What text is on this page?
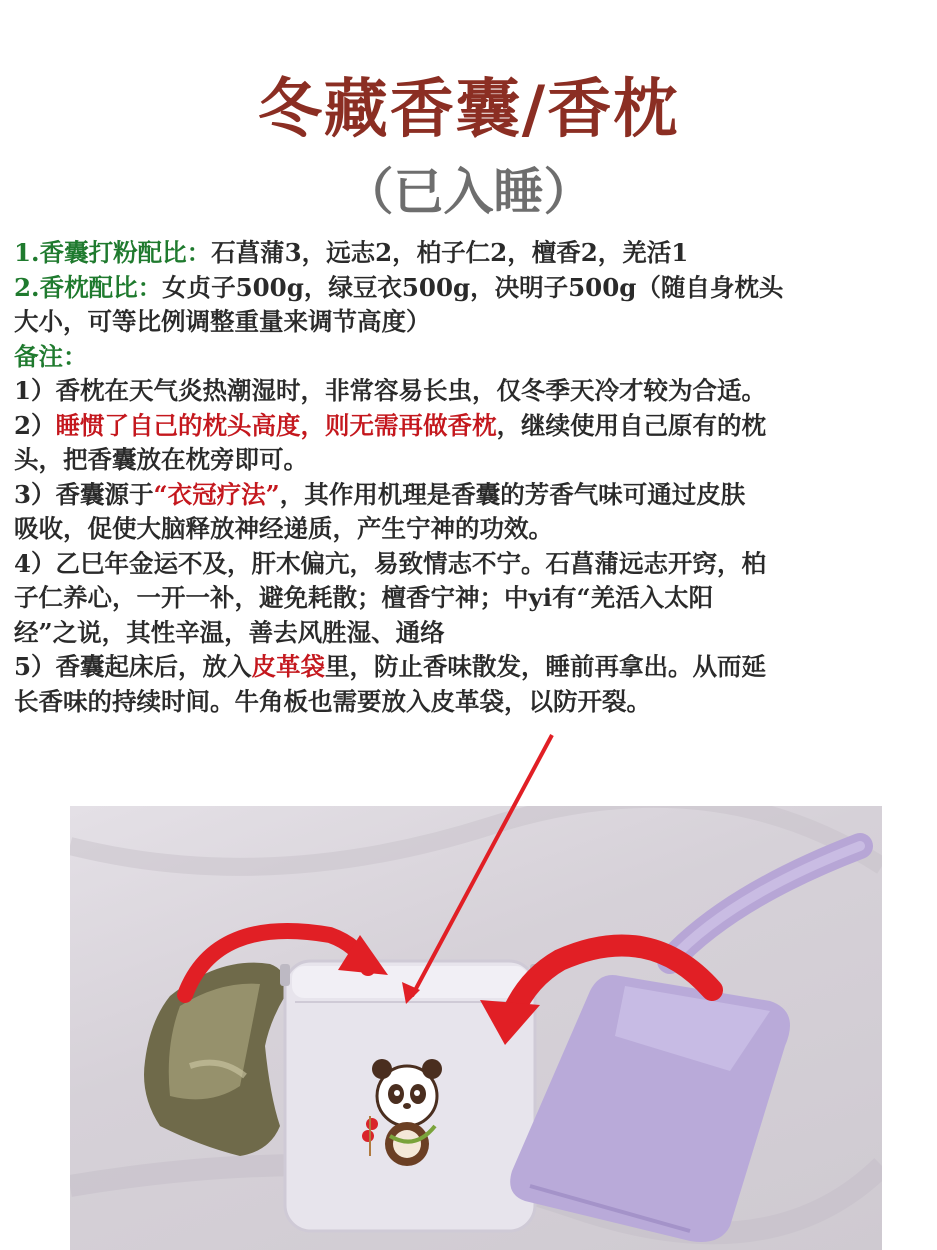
冬藏香囊/香枕
（已入睡）
1.香囊打粉配比：石菖蒲3，远志2，柏子仁2，檀香2，羌活1
2.香枕配比：女贞子500g，绿豆衣500g，决明子500g（随自身枕头
大小，可等比例调整重量来调节高度）
备注：
1）香枕在天气炎热潮湿时，非常容易长虫，仅冬季天冷才较为合适。
2）睡惯了自己的枕头高度，则无需再做香枕，继续使用自己原有的枕
头，把香囊放在枕旁即可。
3）香囊源于“衣冠疗法”，其作用机理是香囊的芳香气味可通过皮肤
吸收，促使大脑释放神经递质，产生宁神的功效。
4）乙巳年金运不及，肝木偏亢，易致情志不宁。石菖蒲远志开窍，柏
子仁养心，一开一补，避免耗散；檀香宁神；中yi有“羌活入太阳
经”之说，其性辛温，善去风胜湿、通络
5）香囊起床后，放入皮革袋里，防止香味散发，睡前再拿出。从而延
长香味的持续时间。牛角板也需要放入皮革袋，以防开裂。
